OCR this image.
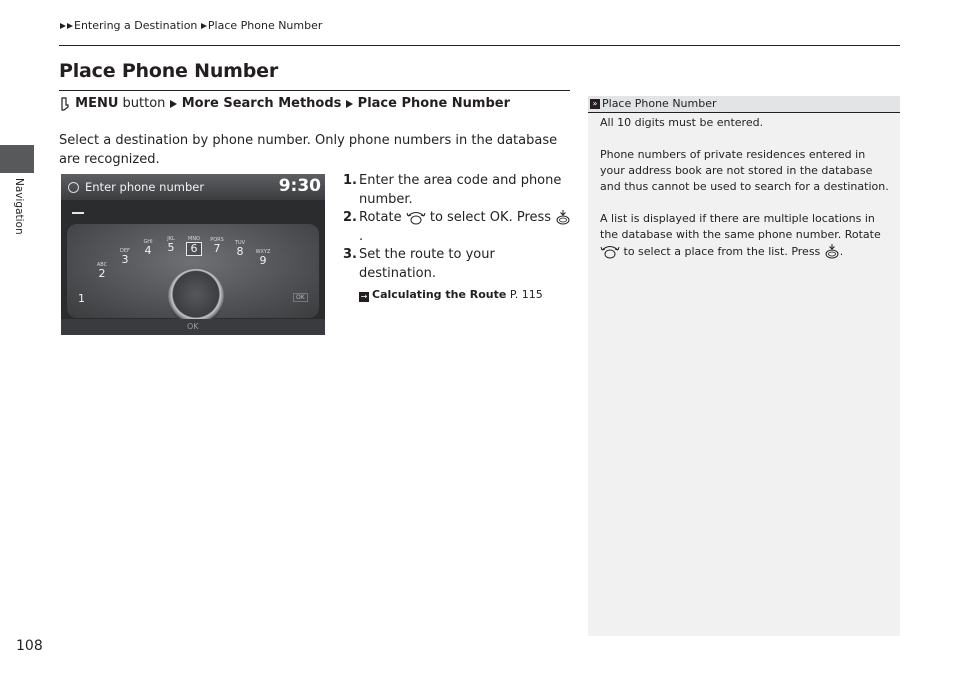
Entering a Destination Place Phone Number
Place Phone Number
MENU button More Search Methods Place Phone Number
Select a destination by phone number. Only phone numbers in the database are recognized.
Enter phone number	9:30
ABC
2
DEF
3
GHI
4
JKL
5
MNO
6
PQRS
7	TUV
8	WXYZ
9
1	OK
OK
1. Enter the area code and phone number.
2. Rotate to select OK. Press .
3. Set the route to your destination.
→ Calculating the Route P. 115
Navigation
108
» Place Phone Number
All 10 digits must be entered.
Phone numbers of private residences entered in your address book are not stored in the database and thus cannot be used to search for a destination.
A list is displayed if there are multiple locations in the database with the same phone number. Rotate  to select a place from the list. Press .
